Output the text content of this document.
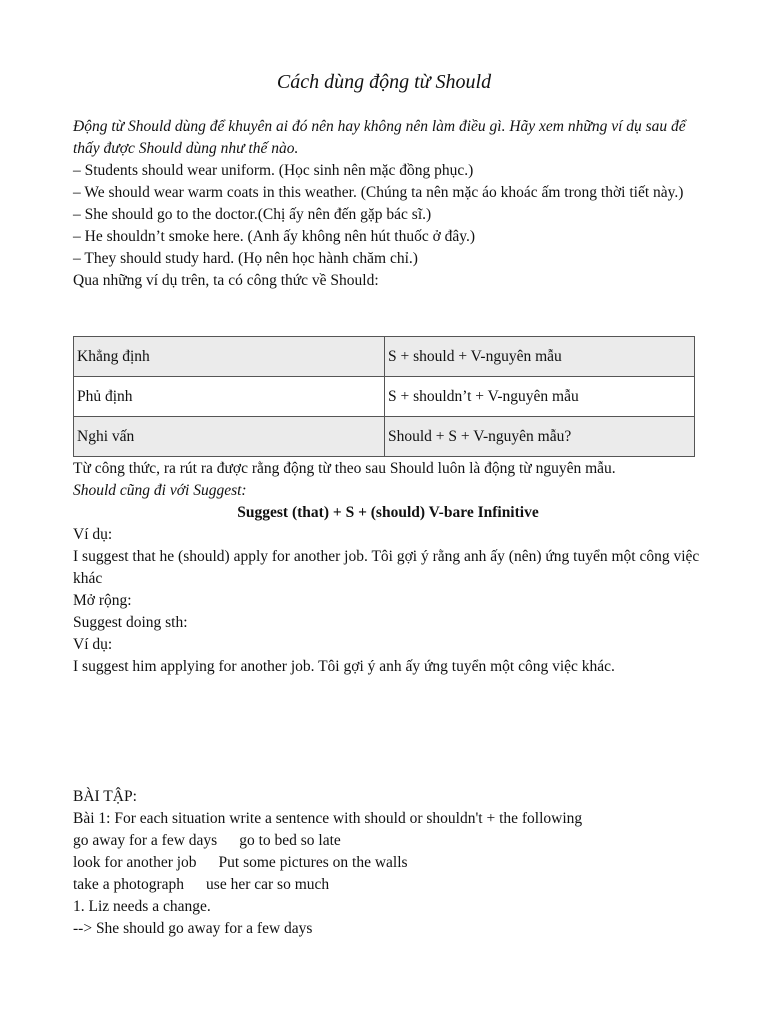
Cách dùng động từ Should
Động từ Should dùng để khuyên ai đó nên hay không nên làm điều gì. Hãy xem những ví dụ sau để thấy được Should dùng như thế nào.
– Students should wear uniform. (Học sinh nên mặc đồng phục.)
– We should wear warm coats in this weather. (Chúng ta nên mặc áo khoác ấm trong thời tiết này.)
– She should go to the doctor.(Chị ấy nên đến gặp bác sĩ.)
– He shouldn’t smoke here. (Anh ấy không nên hút thuốc ở đây.)
– They should study hard. (Họ nên học hành chăm chỉ.)
Qua những ví dụ trên, ta có công thức về Should:
Khẳng định	S + should + V-nguyên mẫu
Phủ định	S + shouldn’t + V-nguyên mẫu
Nghi vấn	Should + S + V-nguyên mẫu?
Từ công thức, ra rút ra được rằng động từ theo sau Should luôn là động từ nguyên mẫu.
Should cũng đi với Suggest:
Suggest (that) + S + (should) V-bare Infinitive
Ví dụ:
I suggest that he (should) apply for another job. Tôi gợi ý rằng anh ấy (nên) ứng tuyển một công việc khác
Mở rộng:
Suggest doing sth:
Ví dụ:
I suggest him applying for another job. Tôi gợi ý anh ấy ứng tuyển một công việc khác.
BÀI TẬP:
Bài 1: For each situation write a sentence with should or shouldn't + the following
go away for a few days go to bed so late
look for another job Put some pictures on the walls
take a photograph use her car so much
1. Liz needs a change.
--> She should go away for a few days
